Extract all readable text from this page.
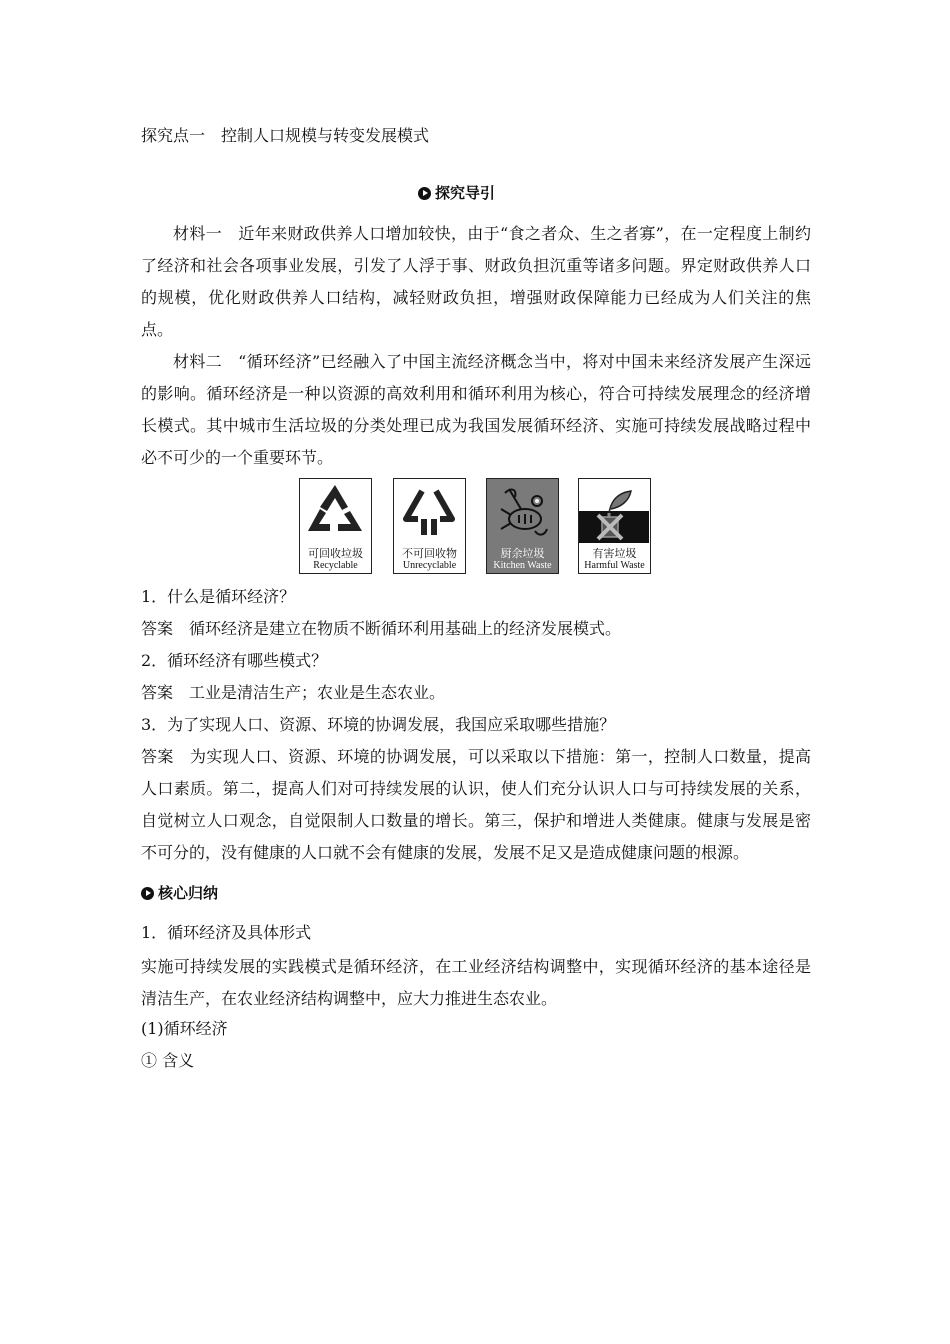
探究点一　控制人口规模与转变发展模式
探究导引
材料一 近年来财政供养人口增加较快，由于“食之者众、生之者寡”，在一定程度上制约了经济和社会各项事业发展，引发了人浮于事、财政负担沉重等诸多问题。界定财政供养人口的规模，优化财政供养人口结构，减轻财政负担，增强财政保障能力已经成为人们关注的焦点。
材料二 “循环经济”已经融入了中国主流经济概念当中，将对中国未来经济发展产生深远的影响。循环经济是一种以资源的高效利用和循环利用为核心，符合可持续发展理念的经济增长模式。其中城市生活垃圾的分类处理已成为我国发展循环经济、实施可持续发展战略过程中必不可少的一个重要环节。
可回收垃圾
Recyclable
不可回收物
Unrecyclable
厨余垃圾
Kitchen Waste
有害垃圾
Harmful Waste
1．什么是循环经济？
答案 循环经济是建立在物质不断循环利用基础上的经济发展模式。
2．循环经济有哪些模式？
答案 工业是清洁生产；农业是生态农业。
3．为了实现人口、资源、环境的协调发展，我国应采取哪些措施？
答案 为实现人口、资源、环境的协调发展，可以采取以下措施：第一，控制人口数量，提高人口素质。第二，提高人们对可持续发展的认识，使人们充分认识人口与可持续发展的关系，自觉树立人口观念，自觉限制人口数量的增长。第三，保护和增进人类健康。健康与发展是密不可分的，没有健康的人口就不会有健康的发展，发展不足又是造成健康问题的根源。
核心归纳
1．循环经济及具体形式
实施可持续发展的实践模式是循环经济，在工业经济结构调整中，实现循环经济的基本途径是清洁生产，在农业经济结构调整中，应大力推进生态农业。
(1)循环经济
① 含义
